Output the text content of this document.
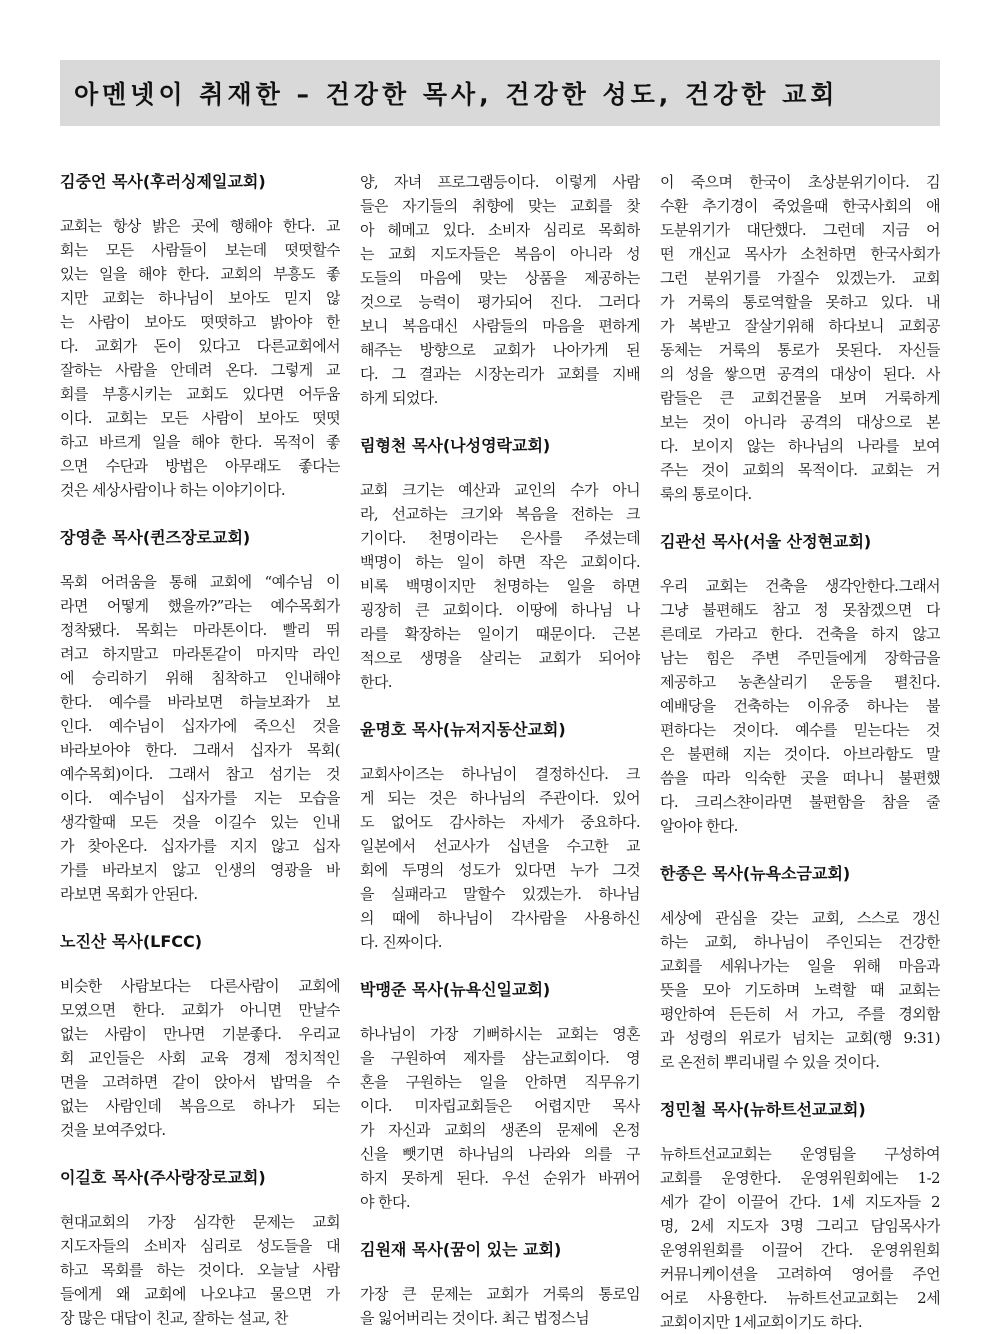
아멘넷이 취재한 – 건강한 목사, 건강한 성도, 건강한 교회
김중언 목사(후러싱제일교회)
교회는 항상 밝은 곳에 행해야 한다. 교
회는 모든 사람들이 보는데 떳떳할수
있는 일을 해야 한다. 교회의 부흥도 좋
지만 교회는 하나님이 보아도 믿지 않
는 사람이 보아도 떳떳하고 밝아야 한
다. 교회가 돈이 있다고 다른교회에서
잘하는 사람을 안데려 온다. 그렇게 교
회를 부흥시키는 교회도 있다면 어두움
이다. 교회는 모든 사람이 보아도 떳떳
하고 바르게 일을 해야 한다. 목적이 좋
으면 수단과 방법은 아무래도 좋다는
것은 세상사람이나 하는 이야기이다.
장영춘 목사(퀸즈장로교회)
목회 어려움을 통해 교회에 “예수님 이
라면 어떻게 했을까?”라는 예수목회가
정착됐다. 목회는 마라톤이다. 빨리 뛰
려고 하지말고 마라톤같이 마지막 라인
에 승리하기 위해 침착하고 인내해야
한다. 예수를 바라보면 하늘보좌가 보
인다. 예수님이 십자가에 죽으신 것을
바라보아야 한다. 그래서 십자가 목회(
예수목회)이다. 그래서 참고 섬기는 것
이다. 예수님이 십자가를 지는 모습을
생각할때 모든 것을 이길수 있는 인내
가 찾아온다. 십자가를 지지 않고 십자
가를 바라보지 않고 인생의 영광을 바
라보면 목회가 안된다.
노진산 목사(LFCC)
비슷한 사람보다는 다른사람이 교회에
모였으면 한다. 교회가 아니면 만날수
없는 사람이 만나면 기분좋다. 우리교
회 교인들은 사회 교육 경제 정치적인
면을 고려하면 같이 앉아서 밥먹을 수
없는 사람인데 복음으로 하나가 되는
것을 보여주었다.
이길호 목사(주사랑장로교회)
현대교회의 가장 심각한 문제는 교회
지도자들의 소비자 심리로 성도들을 대
하고 목회를 하는 것이다. 오늘날 사람
들에게 왜 교회에 나오냐고 물으면 가
장 많은 대답이 친교, 잘하는 설교, 찬
양, 자녀 프로그램등이다. 이렇게 사람
들은 자기들의 취향에 맞는 교회를 찾
아 헤메고 있다. 소비자 심리로 목회하
는 교회 지도자들은 복음이 아니라 성
도들의 마음에 맞는 상품을 제공하는
것으로 능력이 평가되어 진다. 그러다
보니 복음대신 사람들의 마음을 편하게
해주는 방향으로 교회가 나아가게 된
다. 그 결과는 시장논리가 교회를 지배
하게 되었다.
림형천 목사(나성영락교회)
교회 크기는 예산과 교인의 수가 아니
라, 선교하는 크기와 복음을 전하는 크
기이다. 천명이라는 은사를 주셨는데
백명이 하는 일이 하면 작은 교회이다.
비록 백명이지만 천명하는 일을 하면
굉장히 큰 교회이다. 이땅에 하나님 나
라를 확장하는 일이기 때문이다. 근본
적으로 생명을 살리는 교회가 되어야
한다.
윤명호 목사(뉴저지동산교회)
교회사이즈는 하나님이 결정하신다. 크
게 되는 것은 하나님의 주관이다. 있어
도 없어도 감사하는 자세가 중요하다.
일본에서 선교사가 십년을 수고한 교
회에 두명의 성도가 있다면 누가 그것
을 실패라고 말할수 있겠는가. 하나님
의 때에 하나님이 각사람을 사용하신
다. 진짜이다.
박맹준 목사(뉴욕신일교회)
하나님이 가장 기뻐하시는 교회는 영혼
을 구원하여 제자를 삼는교회이다. 영
혼을 구원하는 일을 안하면 직무유기
이다. 미자립교회들은 어렵지만 목사
가 자신과 교회의 생존의 문제에 온정
신을 뺏기면 하나님의 나라와 의를 구
하지 못하게 된다. 우선 순위가 바뀌어
야 한다.
김원재 목사(꿈이 있는 교회)
가장 큰 문제는 교회가 거룩의 통로임
을 잃어버리는 것이다. 최근 법정스님
이 죽으며 한국이 초상분위기이다. 김
수환 추기경이 죽었을때 한국사회의 애
도분위기가 대단했다. 그런데 지금 어
떤 개신교 목사가 소천하면 한국사회가
그런 분위기를 가질수 있겠는가. 교회
가 거룩의 통로역할을 못하고 있다. 내
가 복받고 잘살기위해 하다보니 교회공
동체는 거룩의 통로가 못된다. 자신들
의 성을 쌓으면 공격의 대상이 된다. 사
람들은 큰 교회건물을 보며 거룩하게
보는 것이 아니라 공격의 대상으로 본
다. 보이지 않는 하나님의 나라를 보여
주는 것이 교회의 목적이다. 교회는 거
룩의 통로이다.
김관선 목사(서울 산정현교회)
우리 교회는 건축을 생각안한다.그래서
그냥 불편해도 참고 정 못참겠으면 다
른데로 가라고 한다. 건축을 하지 않고
남는 힘은 주변 주민들에게 장학금을
제공하고 농촌살리기 운동을 펼친다.
예배당을 건축하는 이유중 하나는 불
편하다는 것이다. 예수를 믿는다는 것
은 불편해 지는 것이다. 아브라함도 말
씀을 따라 익숙한 곳을 떠나니 불편했
다. 크리스챤이라면 불편함을 참을 줄
알아야 한다.
한종은 목사(뉴욕소금교회)
세상에 관심을 갖는 교회, 스스로 갱신
하는 교회, 하나님이 주인되는 건강한
교회를 세워나가는 일을 위해 마음과
뜻을 모아 기도하며 노력할 때 교회는
평안하여 든든히 서 가고, 주를 경외함
과 성령의 위로가 넘치는 교회(행 9:31)
로 온전히 뿌리내릴 수 있을 것이다.
정민철 목사(뉴하트선교교회)
뉴하트선교교회는 운영팀을 구성하여
교회를 운영한다. 운영위원회에는 1-2
세가 같이 이끌어 간다. 1세 지도자들 2
명, 2세 지도자 3명 그리고 담임목사가
운영위원회를 이끌어 간다. 운영위원회
커뮤니케이션을 고려하여 영어를 주언
어로 사용한다. 뉴하트선교교회는 2세
교회이지만 1세교회이기도 하다.
